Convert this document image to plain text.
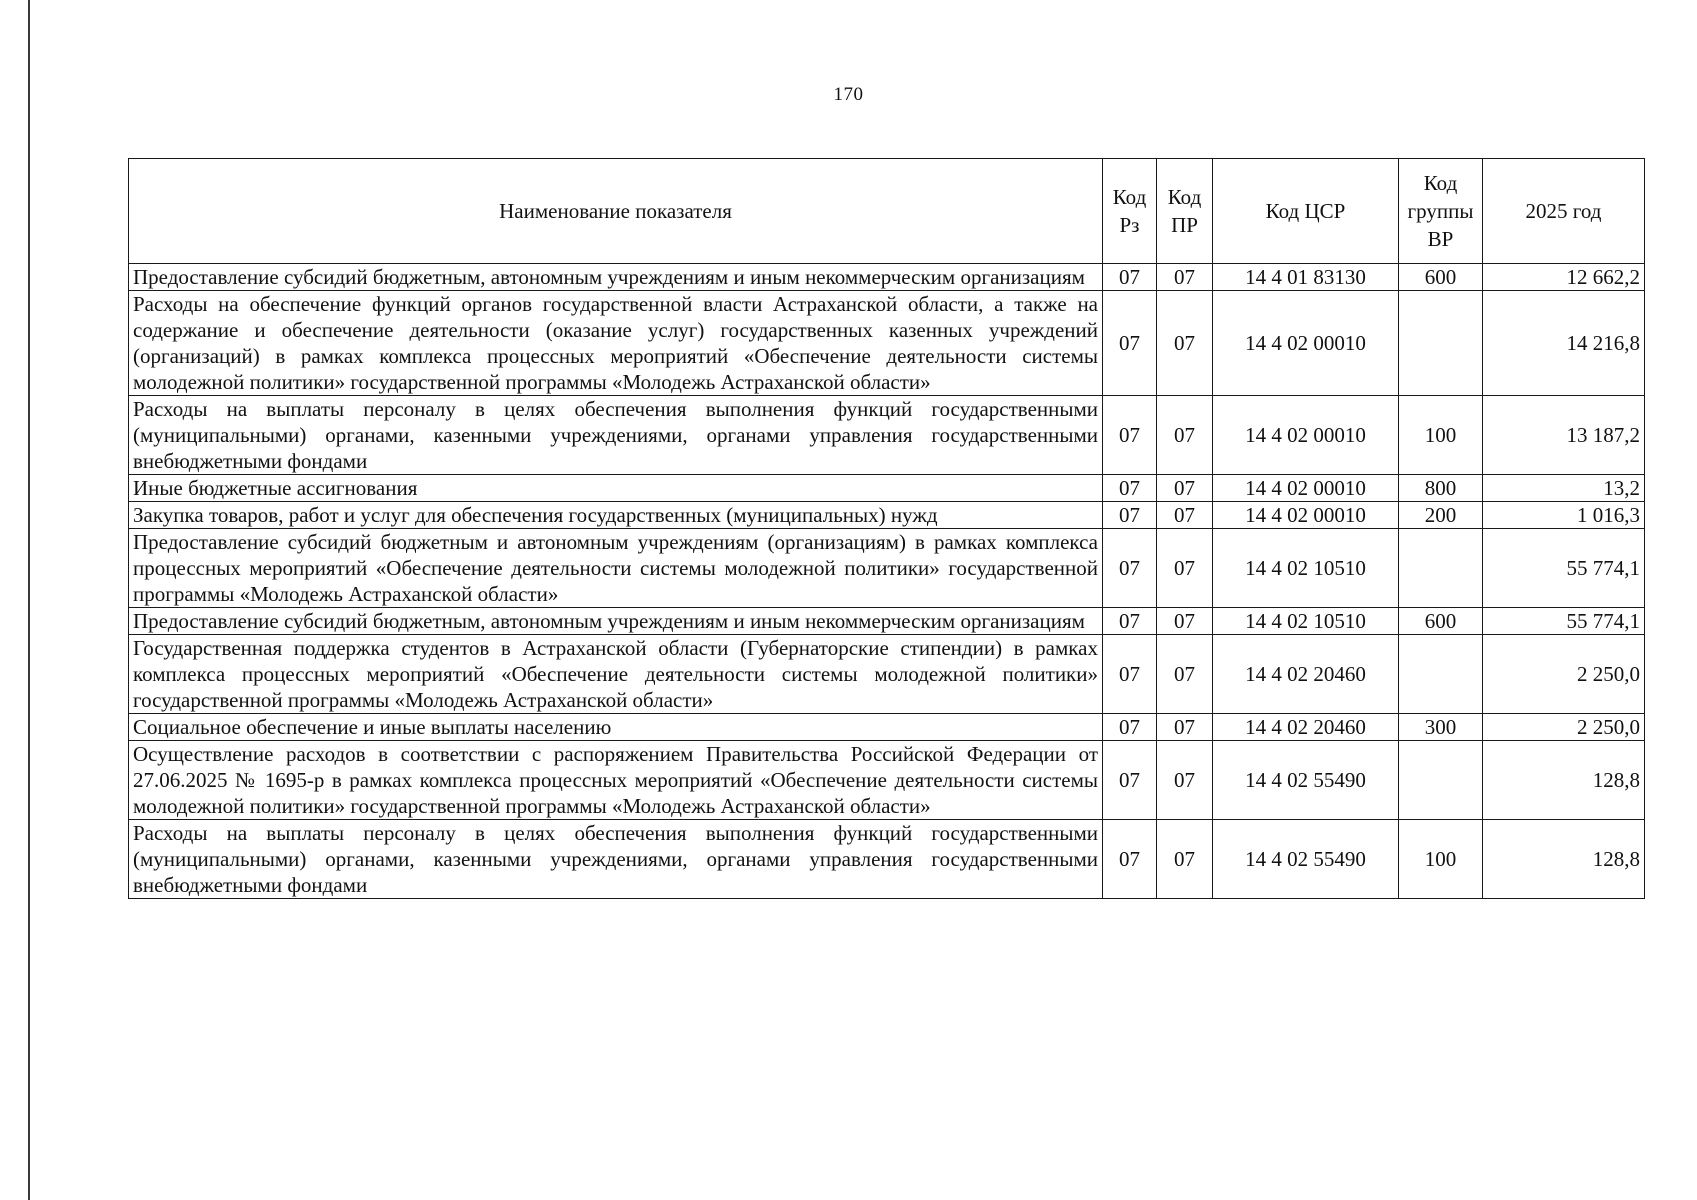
170
Наименование показателя	Код Рз	Код ПР	Код ЦСР	Код группы ВР	2025 год
Предоставление субсидий бюджетным, автономным учреждениям и иным некоммерческим организациям	07	07	14 4 01 83130	600	12 662,2
Расходы на обеспечение функций органов государственной власти Астраханской области, а также на содержание и обеспечение деятельности (оказание услуг) государственных казенных учреждений (организаций) в рамках комплекса процессных мероприятий «Обеспечение деятельности системы молодежной политики» государственной программы «Молодежь Астраханской области»	07	07	14 4 02 00010		14 216,8
Расходы на выплаты персоналу в целях обеспечения выполнения функций государственными (муниципальными) органами, казенными учреждениями, органами управления государственными внебюджетными фондами	07	07	14 4 02 00010	100	13 187,2
Иные бюджетные ассигнования	07	07	14 4 02 00010	800	13,2
Закупка товаров, работ и услуг для обеспечения государственных (муниципальных) нужд	07	07	14 4 02 00010	200	1 016,3
Предоставление субсидий бюджетным и автономным учреждениям (организациям) в рамках комплекса процессных мероприятий «Обеспечение деятельности системы молодежной политики» государственной программы «Молодежь Астраханской области»	07	07	14 4 02 10510		55 774,1
Предоставление субсидий бюджетным, автономным учреждениям и иным некоммерческим организациям	07	07	14 4 02 10510	600	55 774,1
Государственная поддержка студентов в Астраханской области (Губернаторские стипендии) в рамках комплекса процессных мероприятий «Обеспечение деятельности системы молодежной политики» государственной программы «Молодежь Астраханской области»	07	07	14 4 02 20460		2 250,0
Социальное обеспечение и иные выплаты населению	07	07	14 4 02 20460	300	2 250,0
Осуществление расходов в соответствии с распоряжением Правительства Российской Федерации от 27.06.2025 № 1695-р в рамках комплекса процессных мероприятий «Обеспечение деятельности системы молодежной политики» государственной программы «Молодежь Астраханской области»	07	07	14 4 02 55490		128,8
Расходы на выплаты персоналу в целях обеспечения выполнения функций государственными (муниципальными) органами, казенными учреждениями, органами управления государственными внебюджетными фондами	07	07	14 4 02 55490	100	128,8
